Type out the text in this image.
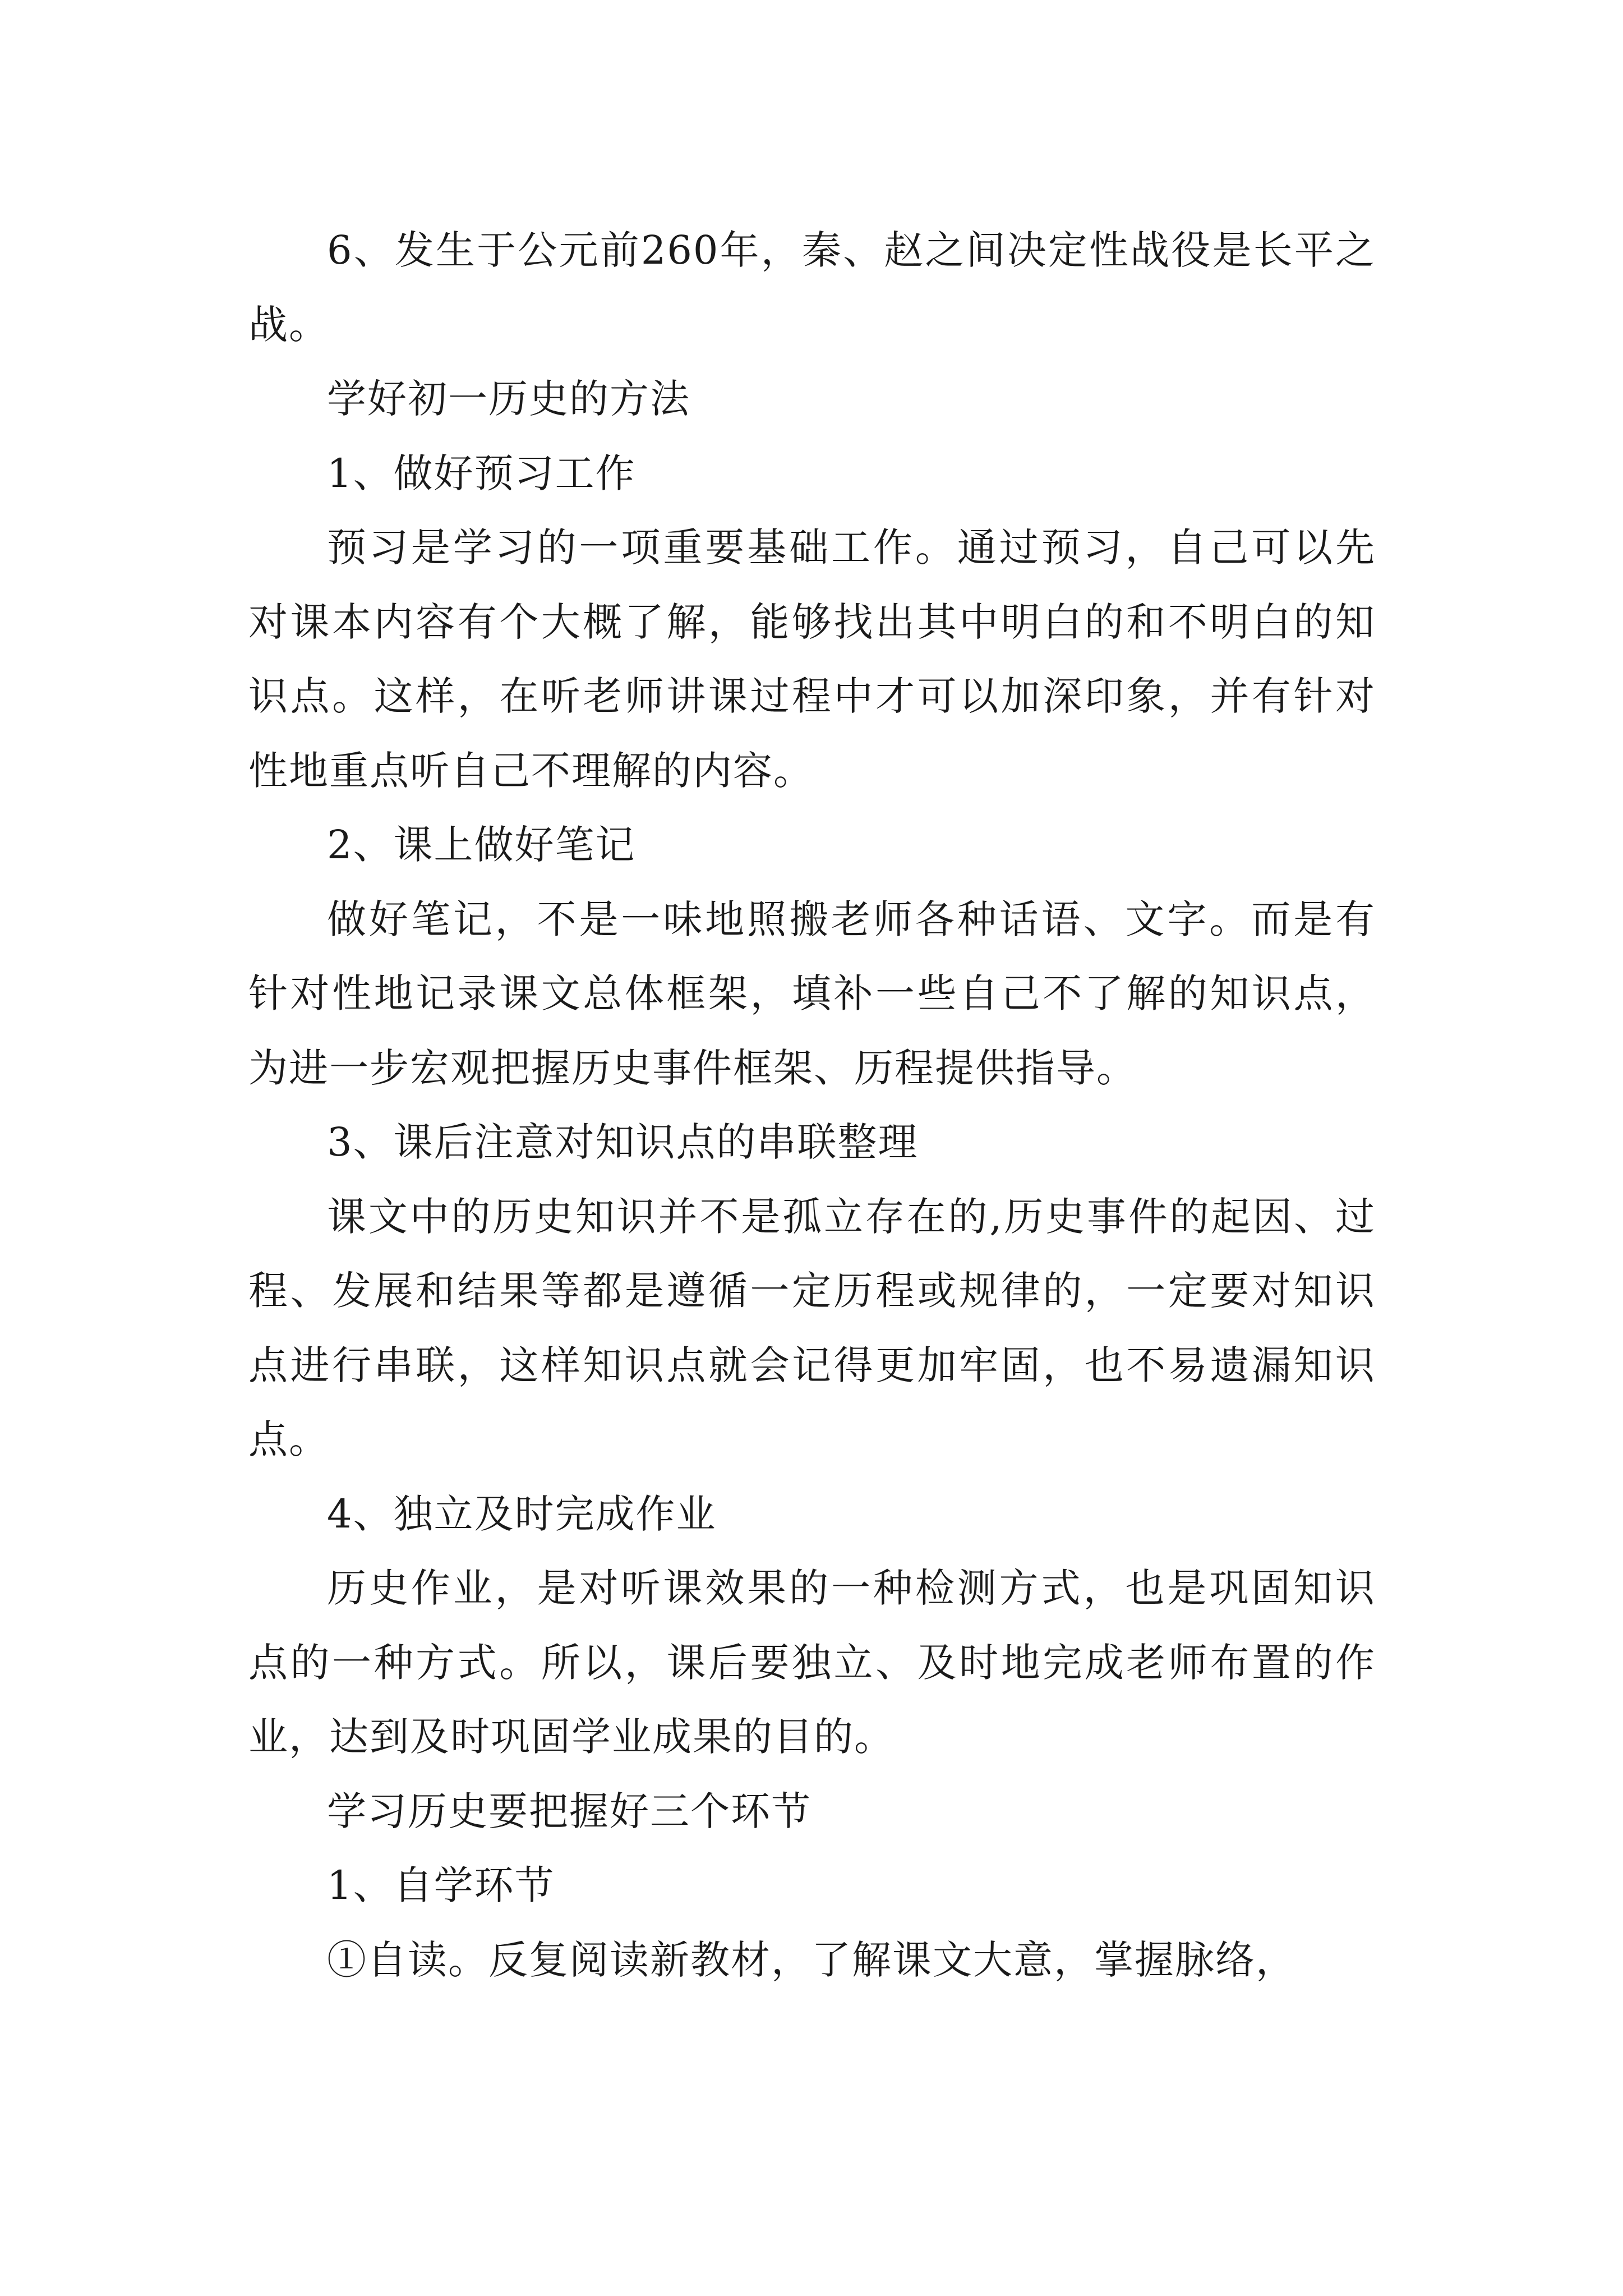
6、发生于公元前260年，秦、赵之间决定性战役是长平之战。

学好初一历史的方法

1、做好预习工作

预习是学习的一项重要基础工作。通过预习，自己可以先对课本内容有个大概了解，能够找出其中明白的和不明白的知识点。这样，在听老师讲课过程中才可以加深印象，并有针对性地重点听自己不理解的内容。

2、课上做好笔记

做好笔记，不是一味地照搬老师各种话语、文字。而是有针对性地记录课文总体框架，填补一些自己不了解的知识点，为进一步宏观把握历史事件框架、历程提供指导。

3、课后注意对知识点的串联整理

课文中的历史知识并不是孤立存在的,历史事件的起因、过程、发展和结果等都是遵循一定历程或规律的，一定要对知识点进行串联，这样知识点就会记得更加牢固，也不易遗漏知识点。

4、独立及时完成作业

历史作业，是对听课效果的一种检测方式，也是巩固知识点的一种方式。所以，课后要独立、及时地完成老师布置的作业，达到及时巩固学业成果的目的。

学习历史要把握好三个环节

1、自学环节

①自读。反复阅读新教材，了解课文大意，掌握脉络，
